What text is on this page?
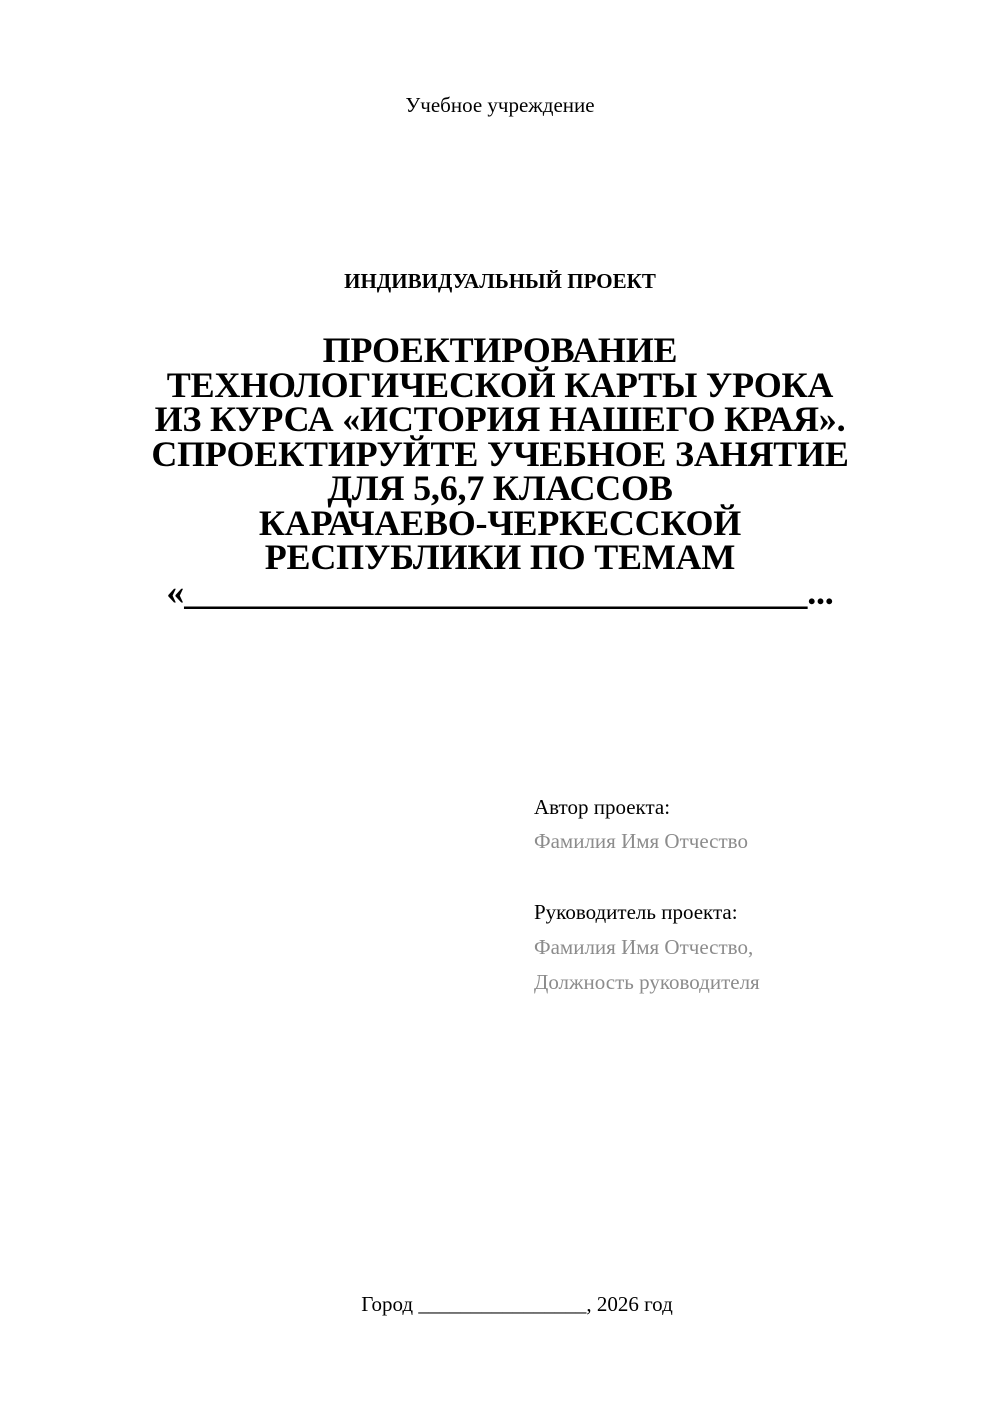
Учебное учреждение
ИНДИВИДУАЛЬНЫЙ ПРОЕКТ
ПРОЕКТИРОВАНИЕ
ТЕХНОЛОГИЧЕСКОЙ КАРТЫ УРОКА
ИЗ КУРСА «ИСТОРИЯ НАШЕГО КРАЯ».
СПРОЕКТИРУЙТЕ УЧЕБНОЕ ЗАНЯТИЕ
ДЛЯ 5,6,7 КЛАССОВ
КАРАЧАЕВО-ЧЕРКЕССКОЙ
РЕСПУБЛИКИ ПО ТЕМАМ
«___________________________________...
Автор проекта:
Фамилия Имя Отчество
Руководитель проекта:
Фамилия Имя Отчество,
Должность руководителя
Город ________________, 2026 год
